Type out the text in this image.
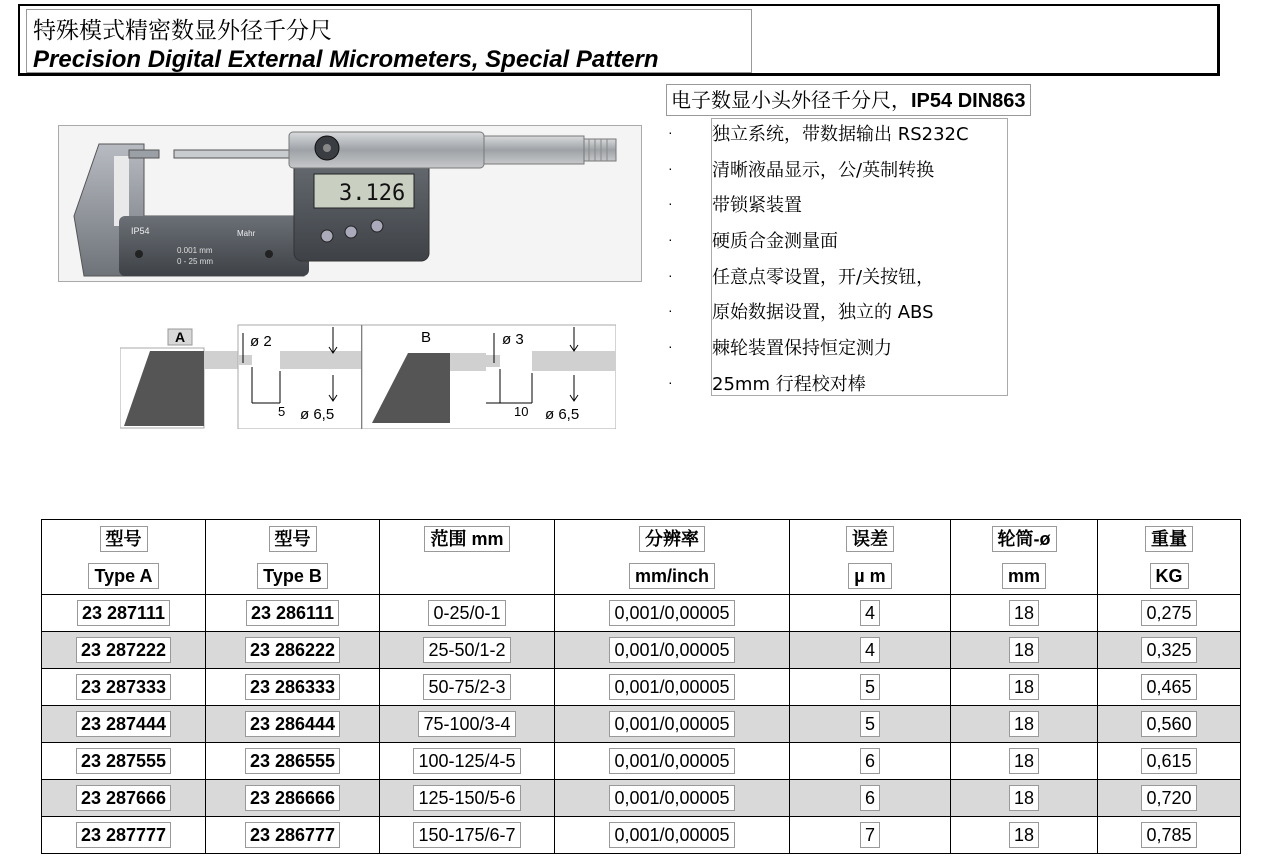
特殊模式精密数显外径千分尺
Precision Digital External Micrometers, Special Pattern
IP54	Mahr
0.001 mm
0 - 25 mm
3.126
A	ø 2
5 ø 6,5
B	ø 3
10 ø 6,5
电子数显小头外径千分尺，IP54 DIN863
· 独立系统，带数据输出 RS232C
· 清晰液晶显示，公/英制转换
· 带锁紧装置
· 硬质合金测量面
· 任意点零设置，开/关按钮，
· 原始数据设置，独立的 ABS
· 棘轮装置保持恒定测力
· 25mm 行程校对棒
型号	型号	范围 mm	分辨率	误差	轮筒-ø	重量
Type A	Type B		mm/inch	µ m	mm	KG
23 287111	23 286111	0-25/0-1	0,001/0,00005	4	18	0,275
23 287222	23 286222	25-50/1-2	0,001/0,00005	4	18	0,325
23 287333	23 286333	50-75/2-3	0,001/0,00005	5	18	0,465
23 287444	23 286444	75-100/3-4	0,001/0,00005	5	18	0,560
23 287555	23 286555	100-125/4-5	0,001/0,00005	6	18	0,615
23 287666	23 286666	125-150/5-6	0,001/0,00005	6	18	0,720
23 287777	23 286777	150-175/6-7	0,001/0,00005	7	18	0,785
